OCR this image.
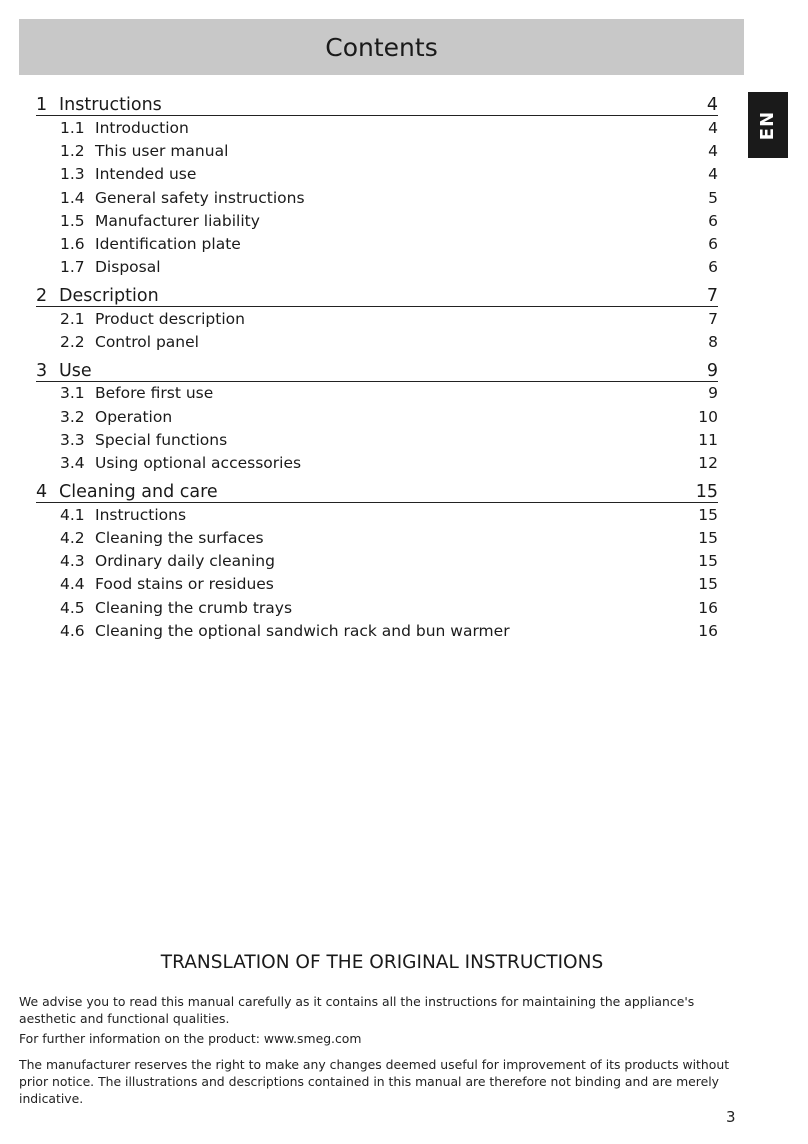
Contents
EN
1 Instructions	4
1.1 Introduction	4
1.2 This user manual	4
1.3 Intended use	4
1.4 General safety instructions	5
1.5 Manufacturer liability	6
1.6 Identification plate	6
1.7 Disposal	6
2 Description	7
2.1 Product description	7
2.2 Control panel	8
3 Use	9
3.1 Before first use	9
3.2 Operation	10
3.3 Special functions	11
3.4 Using optional accessories	12
4 Cleaning and care	15
4.1 Instructions	15
4.2 Cleaning the surfaces	15
4.3 Ordinary daily cleaning	15
4.4 Food stains or residues	15
4.5 Cleaning the crumb trays	16
4.6 Cleaning the optional sandwich rack and bun warmer	16
TRANSLATION OF THE ORIGINAL INSTRUCTIONS

We advise you to read this manual carefully as it contains all the instructions for maintaining the appliance's aesthetic and functional qualities.

For further information on the product: www.smeg.com

The manufacturer reserves the right to make any changes deemed useful for improvement of its products without prior notice. The illustrations and descriptions contained in this manual are therefore not binding and are merely indicative.

3
